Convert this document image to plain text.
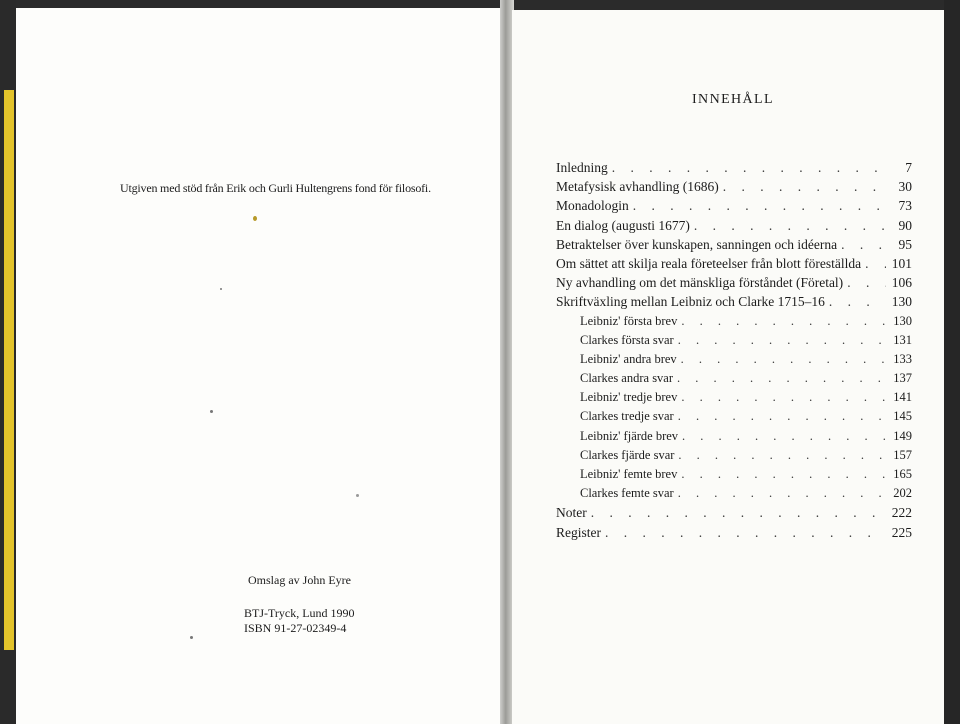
Utgiven med stöd från Erik och Gurli Hultengrens fond för filosofi.
Omslag av John Eyre
BTJ-Tryck, Lund 1990
ISBN 91-27-02349-4
INNEHÅLL
Inledning . . .	7
Metafysisk avhandling (1686) . . .	30
Monadologin . . .	73
En dialog (augusti 1677) . . .	90
Betraktelser över kunskapen, sanningen och idéerna . . .	95
Om sättet att skilja reala företeelser från blott föreställda . . .	101
Ny avhandling om det mänskliga förståndet (Företal) . . .	106
Skriftväxling mellan Leibniz och Clarke 1715–16 . . .	130
Leibniz' första brev . . .	130
Clarkes första svar . . .	131
Leibniz' andra brev . . .	133
Clarkes andra svar . . .	137
Leibniz' tredje brev . . .	141
Clarkes tredje svar . . .	145
Leibniz' fjärde brev . . .	149
Clarkes fjärde svar . . .	157
Leibniz' femte brev . . .	165
Clarkes femte svar . . .	202
Noter . . .	222
Register . . .	225
